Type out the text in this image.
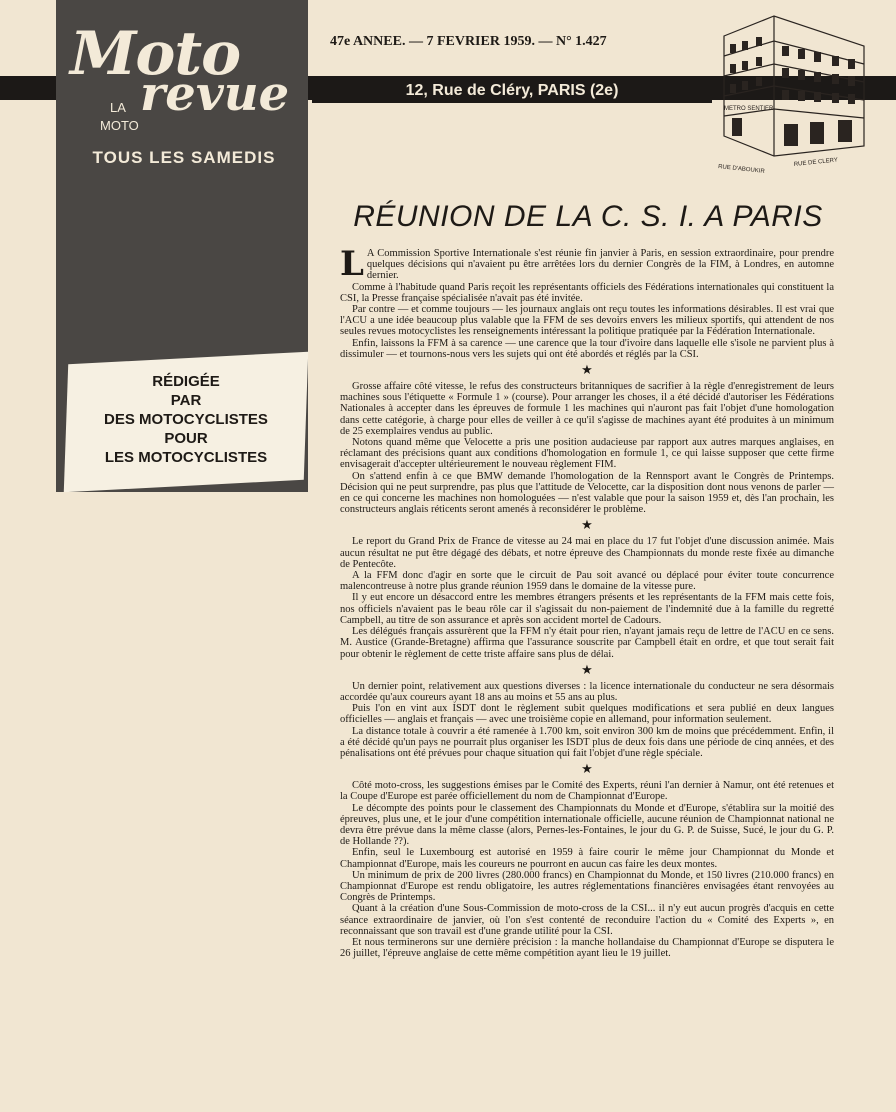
Moto
LA
MOTO
revue
TOUS LES SAMEDIS
47e ANNEE. — 7 FEVRIER 1959. — N° 1.427
12, Rue de Cléry, PARIS (2e)
METRO SENTIER
RUE D'ABOUKIR
RUE DE CLERY
RÉDIGÉE
PAR
DES MOTOCYCLISTES
POUR
LES MOTOCYCLISTES
RÉUNION DE LA C. S. I. A PARIS

L A Commission Sportive Internationale s'est réunie fin janvier à Paris, en session extraordinaire, pour prendre quelques décisions qui n'avaient pu être arrêtées lors du dernier Congrès de la FIM, à Londres, en automne dernier.

Comme à l'habitude quand Paris reçoit les représentants officiels des Fédérations internationales qui constituent la CSI, la Presse française spécialisée n'avait pas été invitée.

Par contre — et comme toujours — les journaux anglais ont reçu toutes les informations désirables. Il est vrai que l'ACU a une idée beaucoup plus valable que la FFM de ses devoirs envers les milieux sportifs, qui attendent de nos seules revues motocyclistes les renseignements intéressant la politique pratiquée par la Fédération Internationale.

Enfin, laissons la FFM à sa carence — une carence que la tour d'ivoire dans laquelle elle s'isole ne parvient plus à dissimuler — et tournons-nous vers les sujets qui ont été abordés et réglés par la CSI.

★

Grosse affaire côté vitesse, le refus des constructeurs britanniques de sacrifier à la règle d'enregistrement de leurs machines sous l'étiquette « Formule 1 » (course). Pour arranger les choses, il a été décidé d'autoriser les Fédérations Nationales à accepter dans les épreuves de formule 1 les machines qui n'auront pas fait l'objet d'une homologation dans cette catégorie, à charge pour elles de veiller à ce qu'il s'agisse de machines ayant été produites à un minimum de 25 exemplaires vendus au public.

Notons quand même que Velocette a pris une position audacieuse par rapport aux autres marques anglaises, en réclamant des précisions quant aux conditions d'homologation en formule 1, ce qui laisse supposer que cette firme envisagerait d'accepter ultérieurement le nouveau règlement FIM.

On s'attend enfin à ce que BMW demande l'homologation de la Rennsport avant le Congrès de Printemps. Décision qui ne peut surprendre, pas plus que l'attitude de Velocette, car la disposition dont nous venons de parler — en ce qui concerne les machines non homologuées — n'est valable que pour la saison 1959 et, dès l'an prochain, les constructeurs anglais réticents seront amenés à reconsidérer le problème.

★

Le report du Grand Prix de France de vitesse au 24 mai en place du 17 fut l'objet d'une discussion animée. Mais aucun résultat ne put être dégagé des débats, et notre épreuve des Championnats du monde reste fixée au dimanche de Pentecôte.

A la FFM donc d'agir en sorte que le circuit de Pau soit avancé ou déplacé pour éviter toute concurrence malencontreuse à notre plus grande réunion 1959 dans le domaine de la vitesse pure.

Il y eut encore un désaccord entre les membres étrangers présents et les représentants de la FFM mais cette fois, nos officiels n'avaient pas le beau rôle car il s'agissait du non-paiement de l'indemnité due à la famille du regretté Campbell, au titre de son assurance et après son accident mortel de Cadours.

Les délégués français assurèrent que la FFM n'y était pour rien, n'ayant jamais reçu de lettre de l'ACU en ce sens. M. Austice (Grande-Bretagne) affirma que l'assurance souscrite par Campbell était en ordre, et que tout serait fait pour obtenir le règlement de cette triste affaire sans plus de délai.

★

Un dernier point, relativement aux questions diverses : la licence internationale du conducteur ne sera désormais accordée qu'aux coureurs ayant 18 ans au moins et 55 ans au plus.

Puis l'on en vint aux ISDT dont le règlement subit quelques modifications et sera publié en deux langues officielles — anglais et français — avec une troisième copie en allemand, pour information seulement.

La distance totale à couvrir a été ramenée à 1.700 km, soit environ 300 km de moins que précédemment. Enfin, il a été décidé qu'un pays ne pourrait plus organiser les ISDT plus de deux fois dans une période de cinq années, et des pénalisations ont été prévues pour chaque situation qui fait l'objet d'une règle spéciale.

★

Côté moto-cross, les suggestions émises par le Comité des Experts, réuni l'an dernier à Namur, ont été retenues et la Coupe d'Europe est parée officiellement du nom de Championnat d'Europe.

Le décompte des points pour le classement des Championnats du Monde et d'Europe, s'établira sur la moitié des épreuves, plus une, et le jour d'une compétition internationale officielle, aucune réunion de Championnat national ne devra être prévue dans la même classe (alors, Pernes-les-Fontaines, le jour du G. P. de Suisse, Sucé, le jour du G. P. de Hollande ??).

Enfin, seul le Luxembourg est autorisé en 1959 à faire courir le même jour Championnat du Monde et Championnat d'Europe, mais les coureurs ne pourront en aucun cas faire les deux montes.

Un minimum de prix de 200 livres (280.000 francs) en Championnat du Monde, et 150 livres (210.000 francs) en Championnat d'Europe est rendu obligatoire, les autres réglementations financières envisagées étant renvoyées au Congrès de Printemps.

Quant à la création d'une Sous-Commission de moto-cross de la CSI... il n'y eut aucun progrès d'acquis en cette séance extraordinaire de janvier, où l'on s'est contenté de reconduire l'action du « Comité des Experts », en reconnaissant que son travail est d'une grande utilité pour la CSI.

Et nous terminerons sur une dernière précision : la manche hollandaise du Championnat d'Europe se disputera le 26 juillet, l'épreuve anglaise de cette même compétition ayant lieu le 19 juillet.
